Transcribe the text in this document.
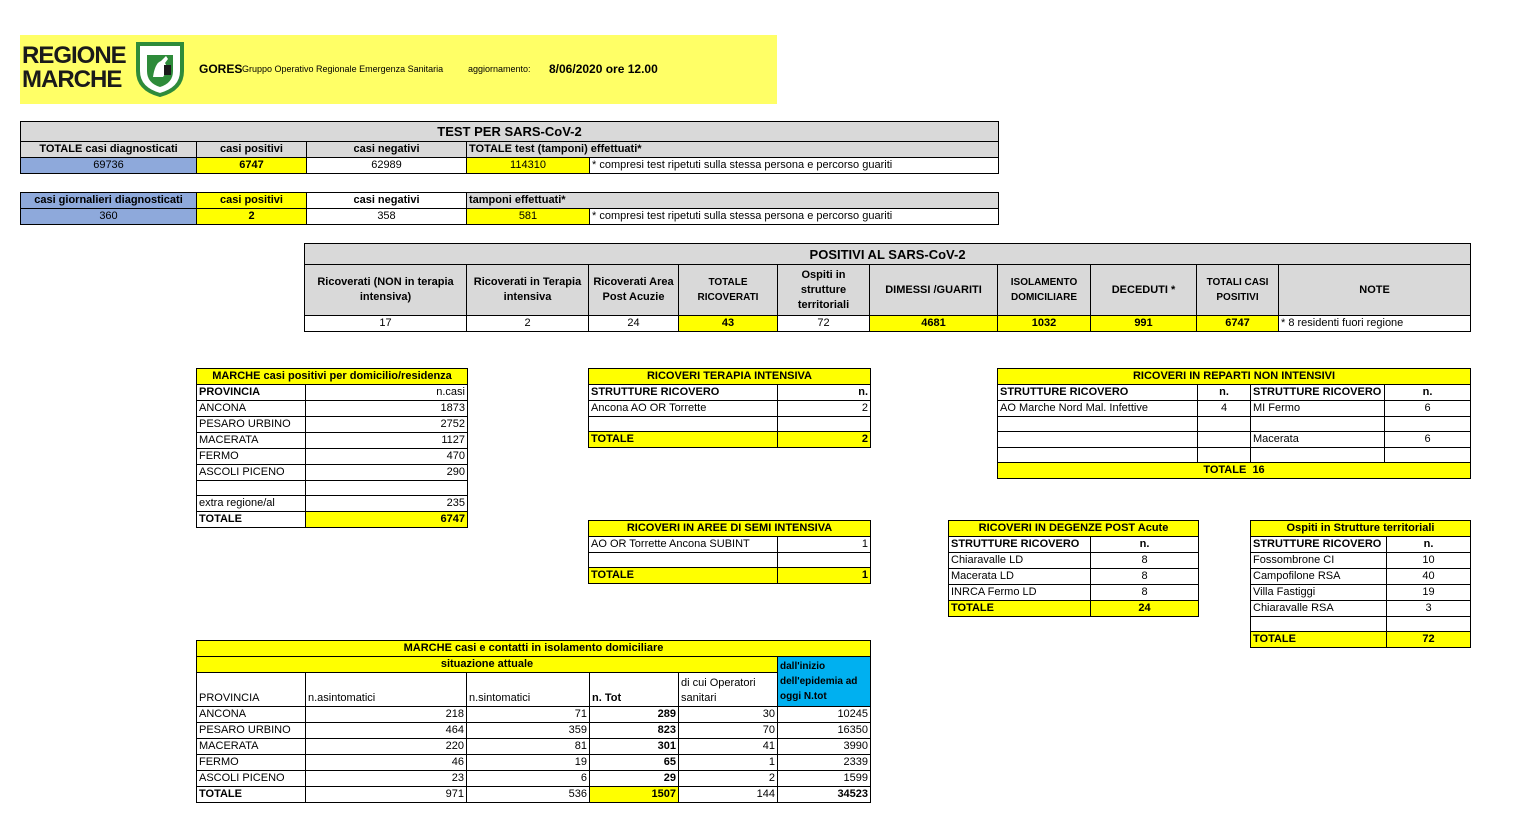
REGIONE
MARCHE	GORES Gruppo Operativo Regionale Emergenza Sanitaria	aggiornamento: 8/06/2020 ore 12.00
TEST PER SARS-CoV-2				
TOTALE casi diagnosticati	casi positivi	casi negativi	TOTALE test (tamponi) effettuati*	
69736	6747	62989	114310	* compresi test ripetuti sulla stessa persona e percorso guariti
casi giornalieri diagnosticati	casi positivi	casi negativi	tamponi effettuati*	
360	2	358	581	* compresi test ripetuti sulla stessa persona e percorso guariti
POSITIVI AL SARS-CoV-2									
Ricoverati (NON in terapia intensiva)	Ricoverati in Terapia intensiva	Ricoverati Area Post Acuzie	TOTALE RICOVERATI	Ospiti in strutture territoriali	DIMESSI /GUARITI	ISOLAMENTO DOMICILIARE	DECEDUTI *	TOTALI CASI POSITIVI	NOTE
17	2	24	43	72	4681	1032	991	6747	* 8 residenti fuori regione
MARCHE casi positivi per domicilio/residenza	
PROVINCIA	n.casi
ANCONA	1873
PESARO URBINO	2752
MACERATA	1127
FERMO	470
ASCOLI PICENO	290

extra regione/al	235
TOTALE	6747
RICOVERI TERAPIA INTENSIVA	
STRUTTURE RICOVERO	n.
Ancona AO OR Torrette	2

TOTALE	2
RICOVERI IN REPARTI NON INTENSIVI			
STRUTTURE RICOVERO	n.	STRUTTURE RICOVERO	n.
AO Marche Nord Mal. Infettive	4	MI Fermo	6

		Macerata	6

TOTALE 16			
RICOVERI IN AREE DI SEMI INTENSIVA	
AO OR Torrette Ancona SUBINT	1

TOTALE	1
RICOVERI IN DEGENZE POST Acute	
STRUTTURE RICOVERO	n.
Chiaravalle LD	8
Macerata LD	8
INRCA Fermo LD	8
TOTALE	24
Ospiti in Strutture territoriali	
STRUTTURE RICOVERO	n.
Fossombrone CI	10
Campofilone RSA	40
Villa Fastiggi	19
Chiaravalle RSA	3

TOTALE	72
MARCHE casi e contatti in isolamento domiciliare					
situazione attuale					dall'inizio dell'epidemia ad oggi N.tot
PROVINCIA	n.asintomatici	n.sintomatici	n. Tot	di cui Operatori sanitari	
ANCONA	218	71	289	30	10245
PESARO URBINO	464	359	823	70	16350
MACERATA	220	81	301	41	3990
FERMO	46	19	65	1	2339
ASCOLI PICENO	23	6	29	2	1599
TOTALE	971	536	1507	144	34523
